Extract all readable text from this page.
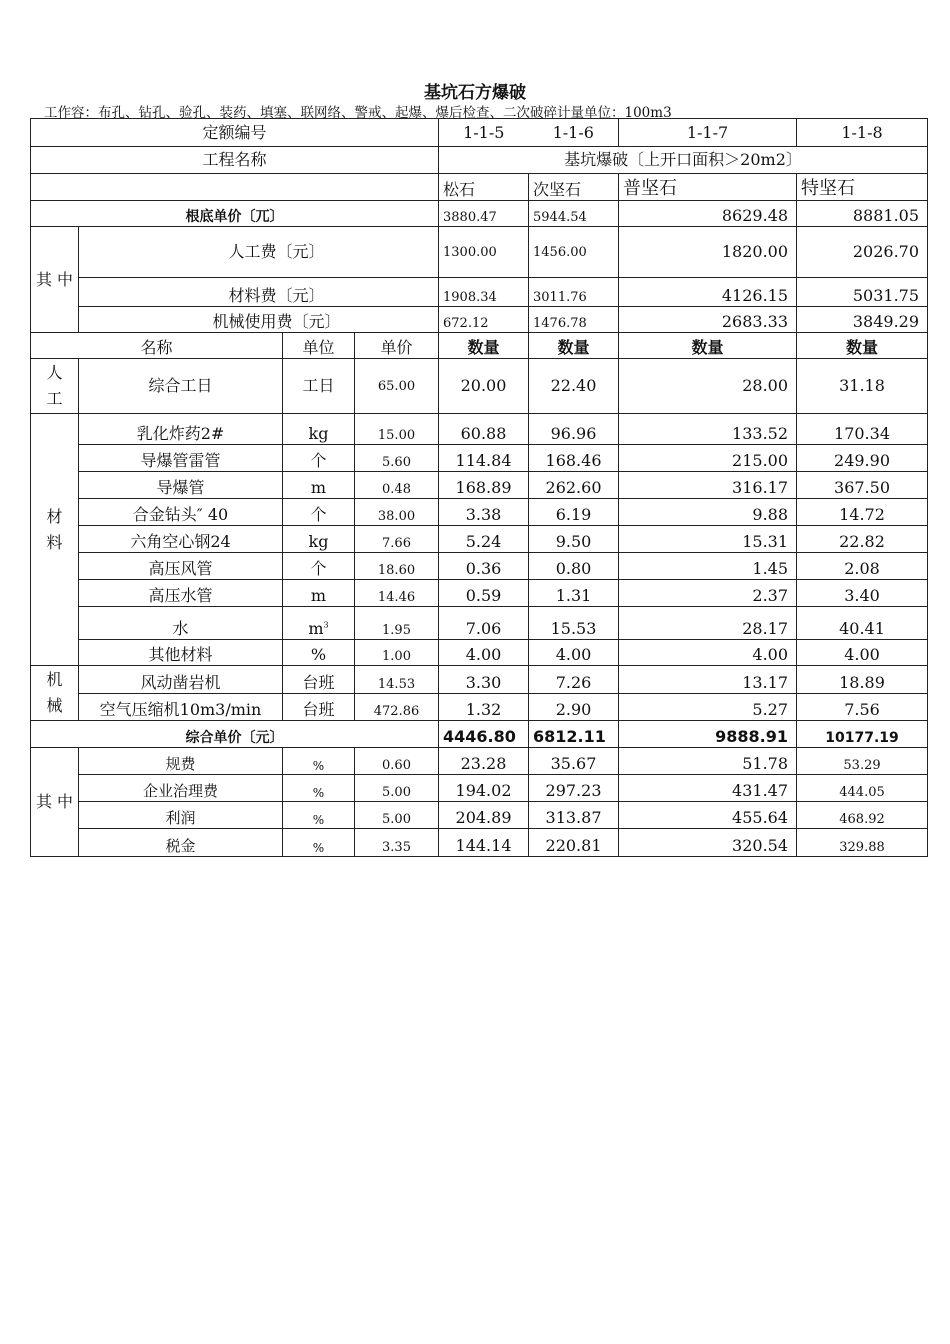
基坑石方爆破
工作容：布孔、钻孔、验孔、装药、填塞、联网络、警戒、起爆、爆后检查、二次破碎计量单位：100m3
定额编号				1-1-5 1-1-6		1-1-7	1-1-8
工程名称				基坑爆破〔上开口面积＞20m2〕			
				松石	次坚石	普坚石	特坚石
根底单价〔兀〕				3880.47	5944.54	8629.48	8881.05
其 中	人工费〔元〕			1300.00	1456.00	1820.00	2026.70
	材料费〔元〕			1908.34	3011.76	4126.15	5031.75
	机械使用费〔元〕			672.12	1476.78	2683.33	3849.29
名称		单位	单价	数量	数量	数量	数量

人
工	综合工日	工日	65.00	20.00	22.40	28.00	31.18

材
料	乳化炸药2#	kg	15.00	60.88	96.96	133.52	170.34
	导爆管雷管	个	5.60	114.84	168.46	215.00	249.90
	导爆管	m	0.48	168.89	262.60	316.17	367.50
	合金钻头″ 40	个	38.00	3.38	6.19	9.88	14.72
	六角空心钢24	kg	7.66	5.24	9.50	15.31	22.82
	高压风管	个	18.60	0.36	0.80	1.45	2.08
	高压水管	m	14.46	0.59	1.31	2.37	3.40
	水	$m^3$	1.95	7.06	15.53	28.17	40.41
	其他材料	%	1.00	4.00	4.00	4.00	4.00

机
械	风动凿岩机	台班	14.53	3.30	7.26	13.17	18.89
	空气压缩机10m3/min	台班	472.86	1.32	2.90	5.27	7.56
综合单价〔元〕				4446.80	6812.11	9888.91	10177.19
其 中	规费	%	0.60	23.28	35.67	51.78	53.29
	企业治理费	%	5.00	194.02	297.23	431.47	444.05
	利润	%	5.00	204.89	313.87	455.64	468.92
	税金	%	3.35	144.14	220.81	320.54	329.88
